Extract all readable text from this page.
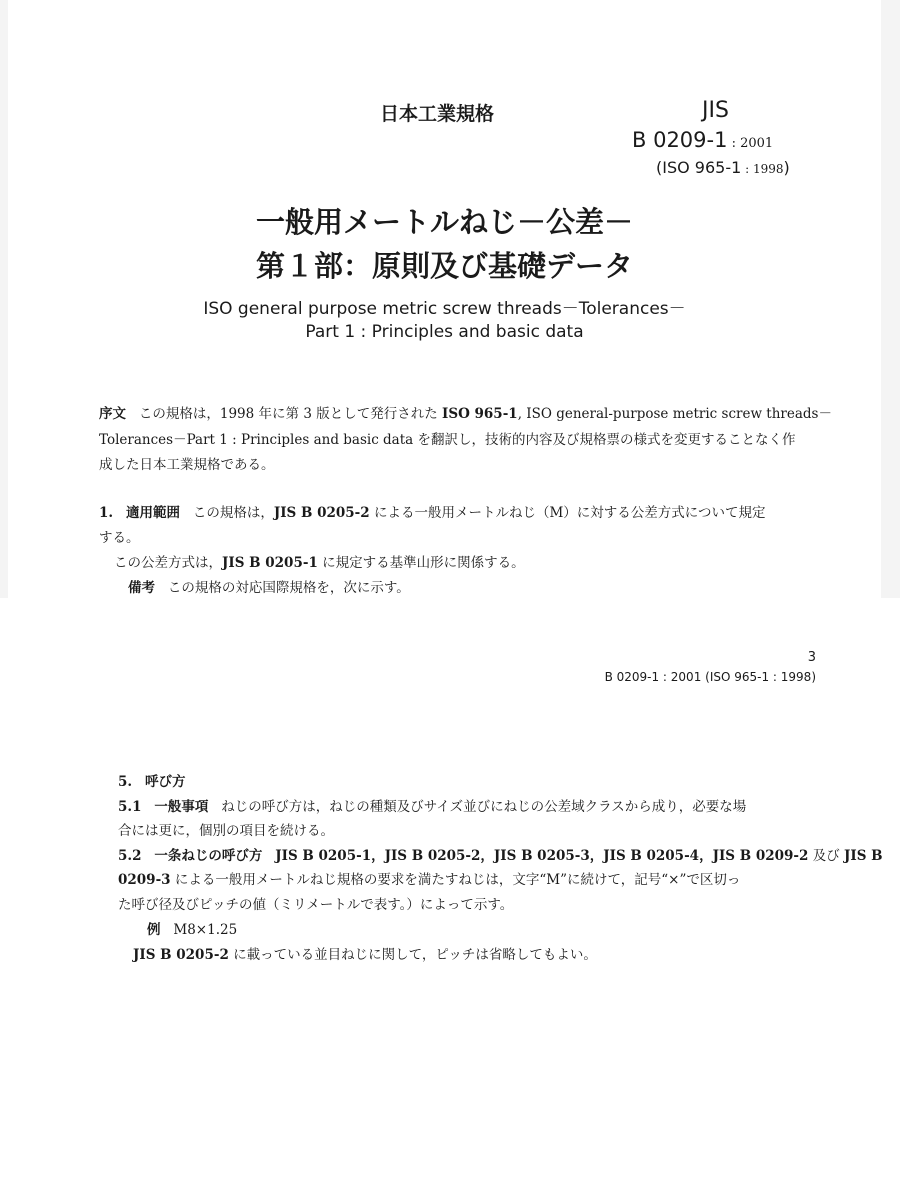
日本工業規格	JIS
B 0209-1 : 2001
(ISO 965-1 : 1998)
一般用メートルねじ－公差－
第１部：原則及び基礎データ
ISO general purpose metric screw threads－Tolerances－
Part 1 : Principles and basic data
序文 この規格は，1998 年に第 3 版として発行された ISO 965-1, ISO general-purpose metric screw threads－
Tolerances－Part 1 : Principles and basic data を翻訳し，技術的内容及び規格票の様式を変更することなく作
成した日本工業規格である。
1. 適用範囲 この規格は，JIS B 0205-2 による一般用メートルねじ（M）に対する公差方式について規定
する。
この公差方式は，JIS B 0205-1 に規定する基準山形に関係する。
備考 この規格の対応国際規格を，次に示す。
3
B 0209-1 : 2001 (ISO 965-1 : 1998)
5. 呼び方
5.1 一般事項 ねじの呼び方は，ねじの種類及びサイズ並びにねじの公差域クラスから成り，必要な場
合には更に，個別の項目を続ける。
5.2 一条ねじの呼び方 JIS B 0205-1，JIS B 0205-2，JIS B 0205-3，JIS B 0205-4，JIS B 0209-2 及び JIS B
0209-3 による一般用メートルねじ規格の要求を満たすねじは，文字“M”に続けて，記号“×”で区切っ
た呼び径及びピッチの値（ミリメートルで表す。）によって示す。
例 M8×1.25
JIS B 0205-2 に載っている並目ねじに関して，ピッチは省略してもよい。
